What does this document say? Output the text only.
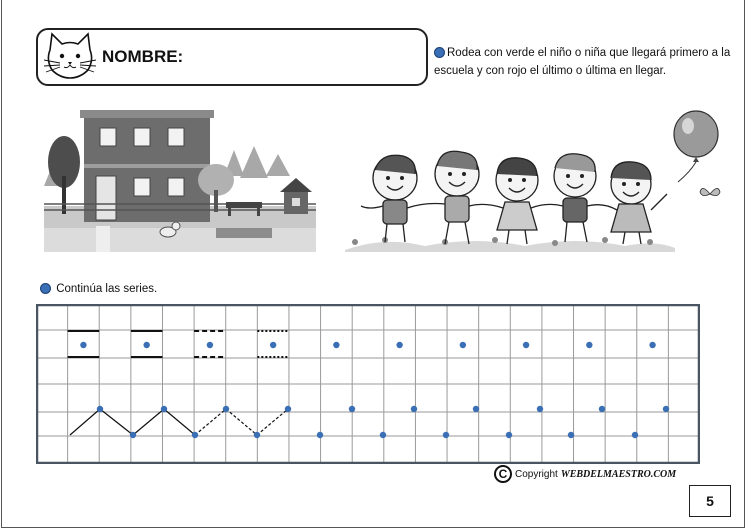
NOMBRE:	Rodea con verde el niño o niña que llegará primero a la escuela y con rojo el último o última en llegar.
Continúa las series.
C Copyright WEBDELMAESTRO.COM
5
